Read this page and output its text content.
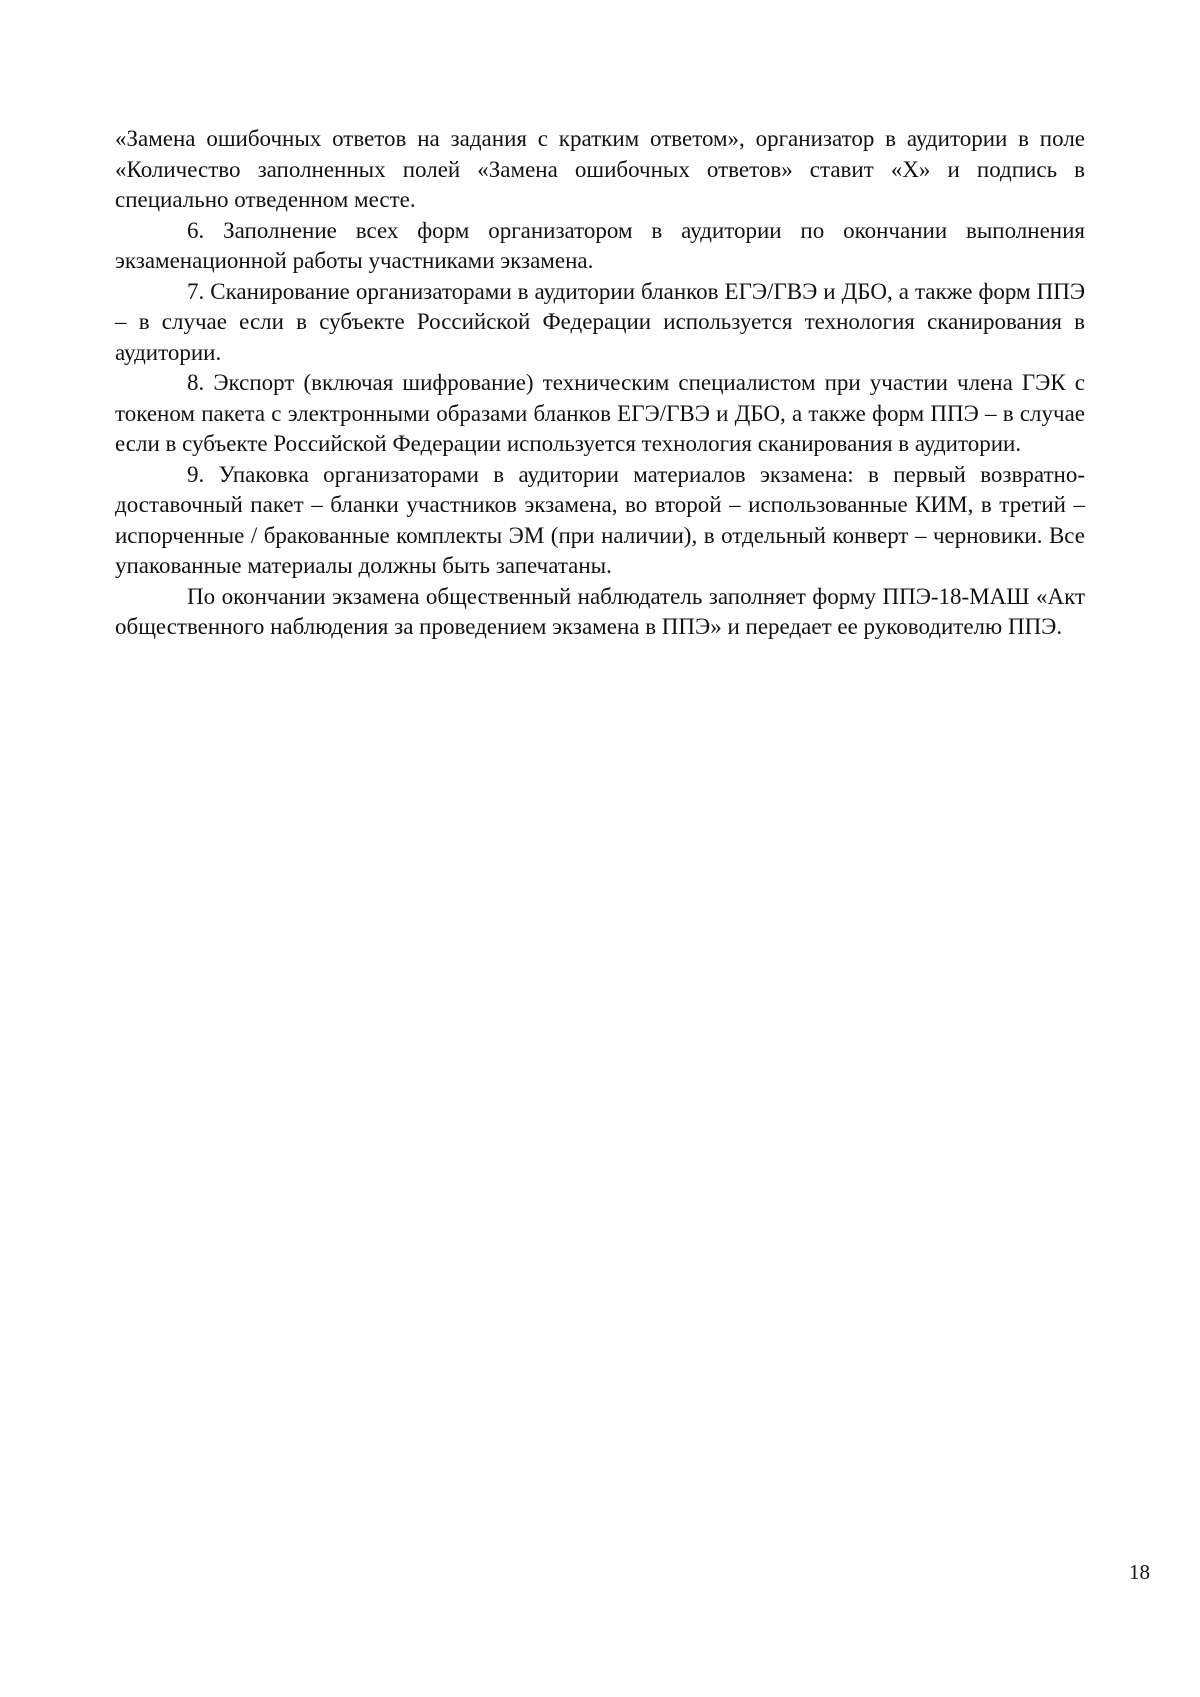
«Замена ошибочных ответов на задания с кратким ответом», организатор в аудитории в поле «Количество заполненных полей «Замена ошибочных ответов» ставит «X» и подпись в специально отведенном месте.

6. Заполнение всех форм организатором в аудитории по окончании выполнения экзаменационной работы участниками экзамена.

7. Сканирование организаторами в аудитории бланков ЕГЭ/ГВЭ и ДБО, а также форм ППЭ – в случае если в субъекте Российской Федерации используется технология сканирования в аудитории.

8. Экспорт (включая шифрование) техническим специалистом при участии члена ГЭК с токеном пакета с электронными образами бланков ЕГЭ/ГВЭ и ДБО, а также форм ППЭ – в случае если в субъекте Российской Федерации используется технология сканирования в аудитории.

9. Упаковка организаторами в аудитории материалов экзамена: в первый возвратно-доставочный пакет – бланки участников экзамена, во второй – использованные КИМ, в третий – испорченные / бракованные комплекты ЭМ (при наличии), в отдельный конверт – черновики. Все упакованные материалы должны быть запечатаны.

По окончании экзамена общественный наблюдатель заполняет форму ППЭ-18-МАШ «Акт общественного наблюдения за проведением экзамена в ППЭ» и передает ее руководителю ППЭ.

18
